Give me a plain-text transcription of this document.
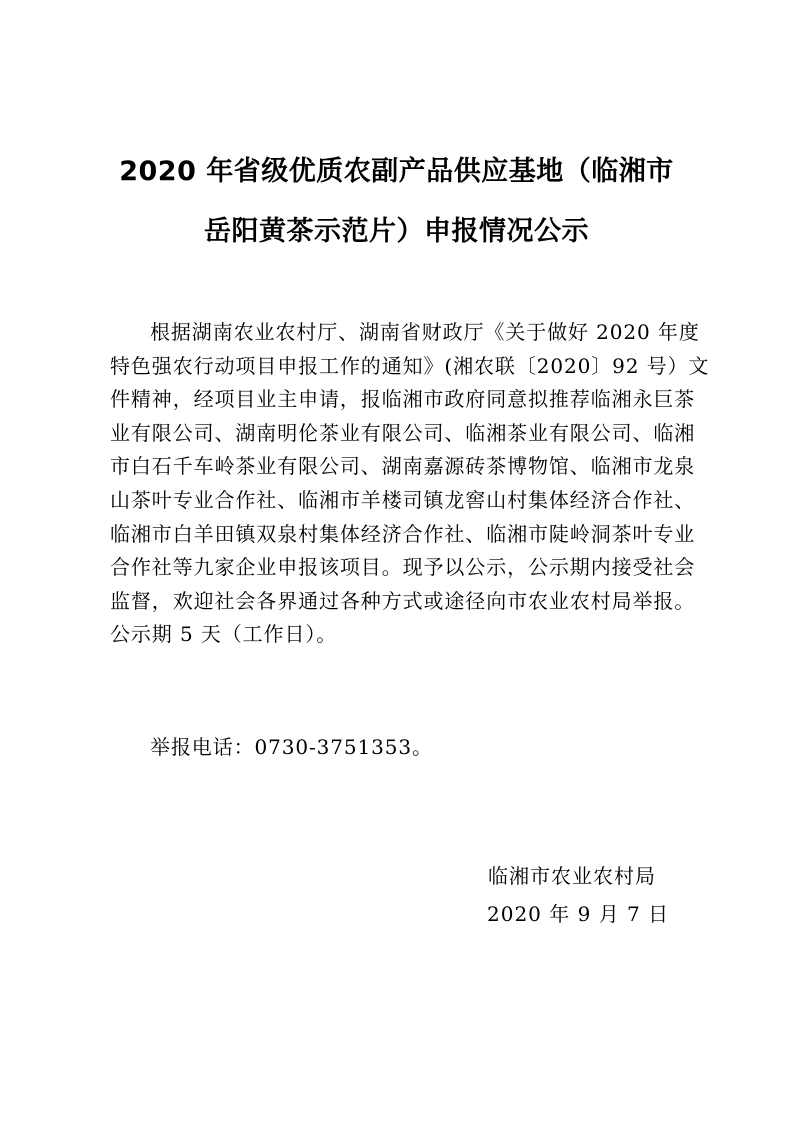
2020 年省级优质农副产品供应基地（临湘市
岳阳黄茶示范片）申报情况公示
根据湖南农业农村厅、湖南省财政厅《关于做好 2020 年度
特色强农行动项目申报工作的通知》(湘农联〔2020〕92 号）文
件精神，经项目业主申请，报临湘市政府同意拟推荐临湘永巨茶
业有限公司、湖南明伦茶业有限公司、临湘茶业有限公司、临湘
市白石千车岭茶业有限公司、湖南嘉源砖茶博物馆、临湘市龙泉
山茶叶专业合作社、临湘市羊楼司镇龙窖山村集体经济合作社、
临湘市白羊田镇双泉村集体经济合作社、临湘市陡岭洞茶叶专业
合作社等九家企业申报该项目。现予以公示，公示期内接受社会
监督，欢迎社会各界通过各种方式或途径向市农业农村局举报。
公示期 5 天（工作日）。
举报电话：0730-3751353。
临湘市农业农村局
2020 年 9 月 7 日
